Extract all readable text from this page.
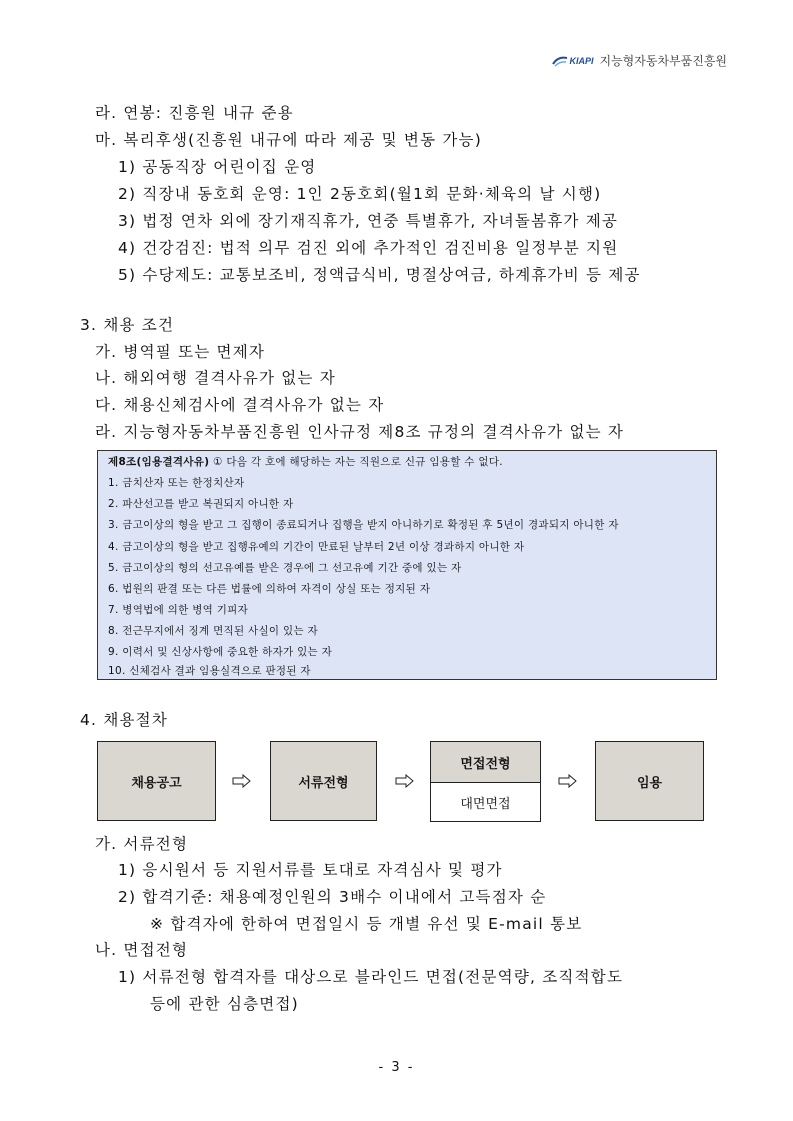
KIAPI 지능형자동차부품진흥원
라. 연봉: 진흥원 내규 준용
마. 복리후생(진흥원 내규에 따라 제공 및 변동 가능)
1) 공동직장 어린이집 운영
2) 직장내 동호회 운영: 1인 2동호회(월1회 문화·체육의 날 시행)
3) 법정 연차 외에 장기재직휴가, 연중 특별휴가, 자녀돌봄휴가 제공
4) 건강검진: 법적 의무 검진 외에 추가적인 검진비용 일정부분 지원
5) 수당제도: 교통보조비, 정액급식비, 명절상여금, 하계휴가비 등 제공
3. 채용 조건
가. 병역필 또는 면제자
나. 해외여행 결격사유가 없는 자
다. 채용신체검사에 결격사유가 없는 자
라. 지능형자동차부품진흥원 인사규정 제8조 규정의 결격사유가 없는 자
제8조(임용결격사유) ① 다음 각 호에 해당하는 자는 직원으로 신규 임용할 수 없다.
1. 금치산자 또는 한정치산자
2. 파산선고를 받고 복권되지 아니한 자
3. 금고이상의 형을 받고 그 집행이 종료되거나 집행을 받지 아니하기로 확정된 후 5년이 경과되지 아니한 자
4. 금고이상의 형을 받고 집행유예의 기간이 만료된 날부터 2년 이상 경과하지 아니한 자
5. 금고이상의 형의 선고유예를 받은 경우에 그 선고유예 기간 중에 있는 자
6. 법원의 판결 또는 다른 법률에 의하여 자격이 상실 또는 정지된 자
7. 병역법에 의한 병역 기피자
8. 전근무지에서 징계 면직된 사실이 있는 자
9. 이력서 및 신상사항에 중요한 하자가 있는 자
10. 신체검사 결과 임용실격으로 판정된 자
4. 채용절차
채용공고	서류전형
면접전형
대면면접
임용
가. 서류전형
1) 응시원서 등 지원서류를 토대로 자격심사 및 평가
2) 합격기준: 채용예정인원의 3배수 이내에서 고득점자 순
※ 합격자에 한하여 면접일시 등 개별 유선 및 E-mail 통보
나. 면접전형
1) 서류전형 합격자를 대상으로 블라인드 면접(전문역량, 조직적합도
등에 관한 심층면접)
- 3 -
